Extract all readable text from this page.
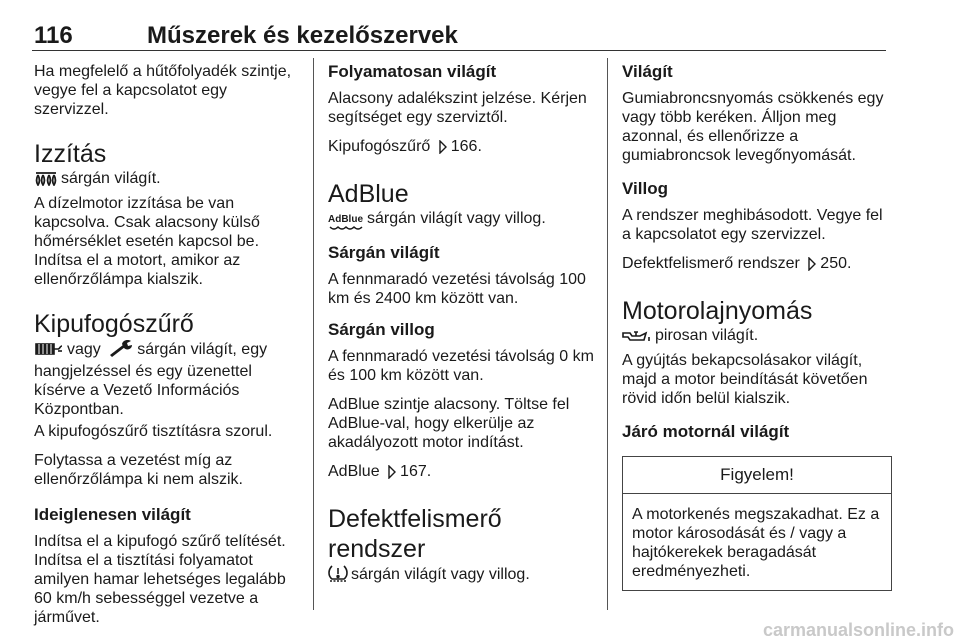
116	Műszerek és kezelőszervek

Ha megfelelő a hűtőfolyadék szintje, vegye fel a kapcsolatot egy szervizzel.

Izzítás

sárgán világít.

A dízelmotor izzítása be van kapcsolva. Csak alacsony külső hőmérséklet esetén kapcsol be. Indítsa el a motort, amikor az ellenőrzőlámpa kialszik.

Kipufogószűrő

vagy sárgán világít, egy hangjelzéssel és egy üzenettel kísérve a Vezető Információs Központban.

A kipufogószűrő tisztításra szorul.

Folytassa a vezetést míg az ellenőrzőlámpa ki nem alszik.

Ideiglenesen világít

Indítsa el a kipufogó szűrő telítését. Indítsa el a tisztítási folyamatot amilyen hamar lehetséges legalább 60 km/h sebességgel vezetve a járművet.

Folyamatosan világít

Alacsony adalékszint jelzése. Kérjen segítséget egy szerviztől.

Kipufogószűrő 166.

AdBlue

AdBlue sárgán világít vagy villog.

Sárgán világít

A fennmaradó vezetési távolság 100 km és 2400 km között van.

Sárgán villog

A fennmaradó vezetési távolság 0 km és 100 km között van.

AdBlue szintje alacsony. Töltse fel AdBlue-val, hogy elkerülje az akadályozott motor indítást.

AdBlue 167.

Defektfelismerő rendszer

sárgán világít vagy villog.

Világít

Gumiabroncsnyomás csökkenés egy vagy több keréken. Álljon meg azonnal, és ellenőrizze a gumiabroncsok levegőnyomását.

Villog

A rendszer meghibásodott. Vegye fel a kapcsolatot egy szervizzel.

Defektfelismerő rendszer 250.

Motorolajnyomás

pirosan világít.

A gyújtás bekapcsolásakor világít, majd a motor beindítását követően rövid időn belül kialszik.

Járó motornál világít
Figyelem!
A motorkenés megszakadhat. Ez a motor károsodását és / vagy a hajtókerekek beragadását eredményezheti.
carmanualsonline.info
